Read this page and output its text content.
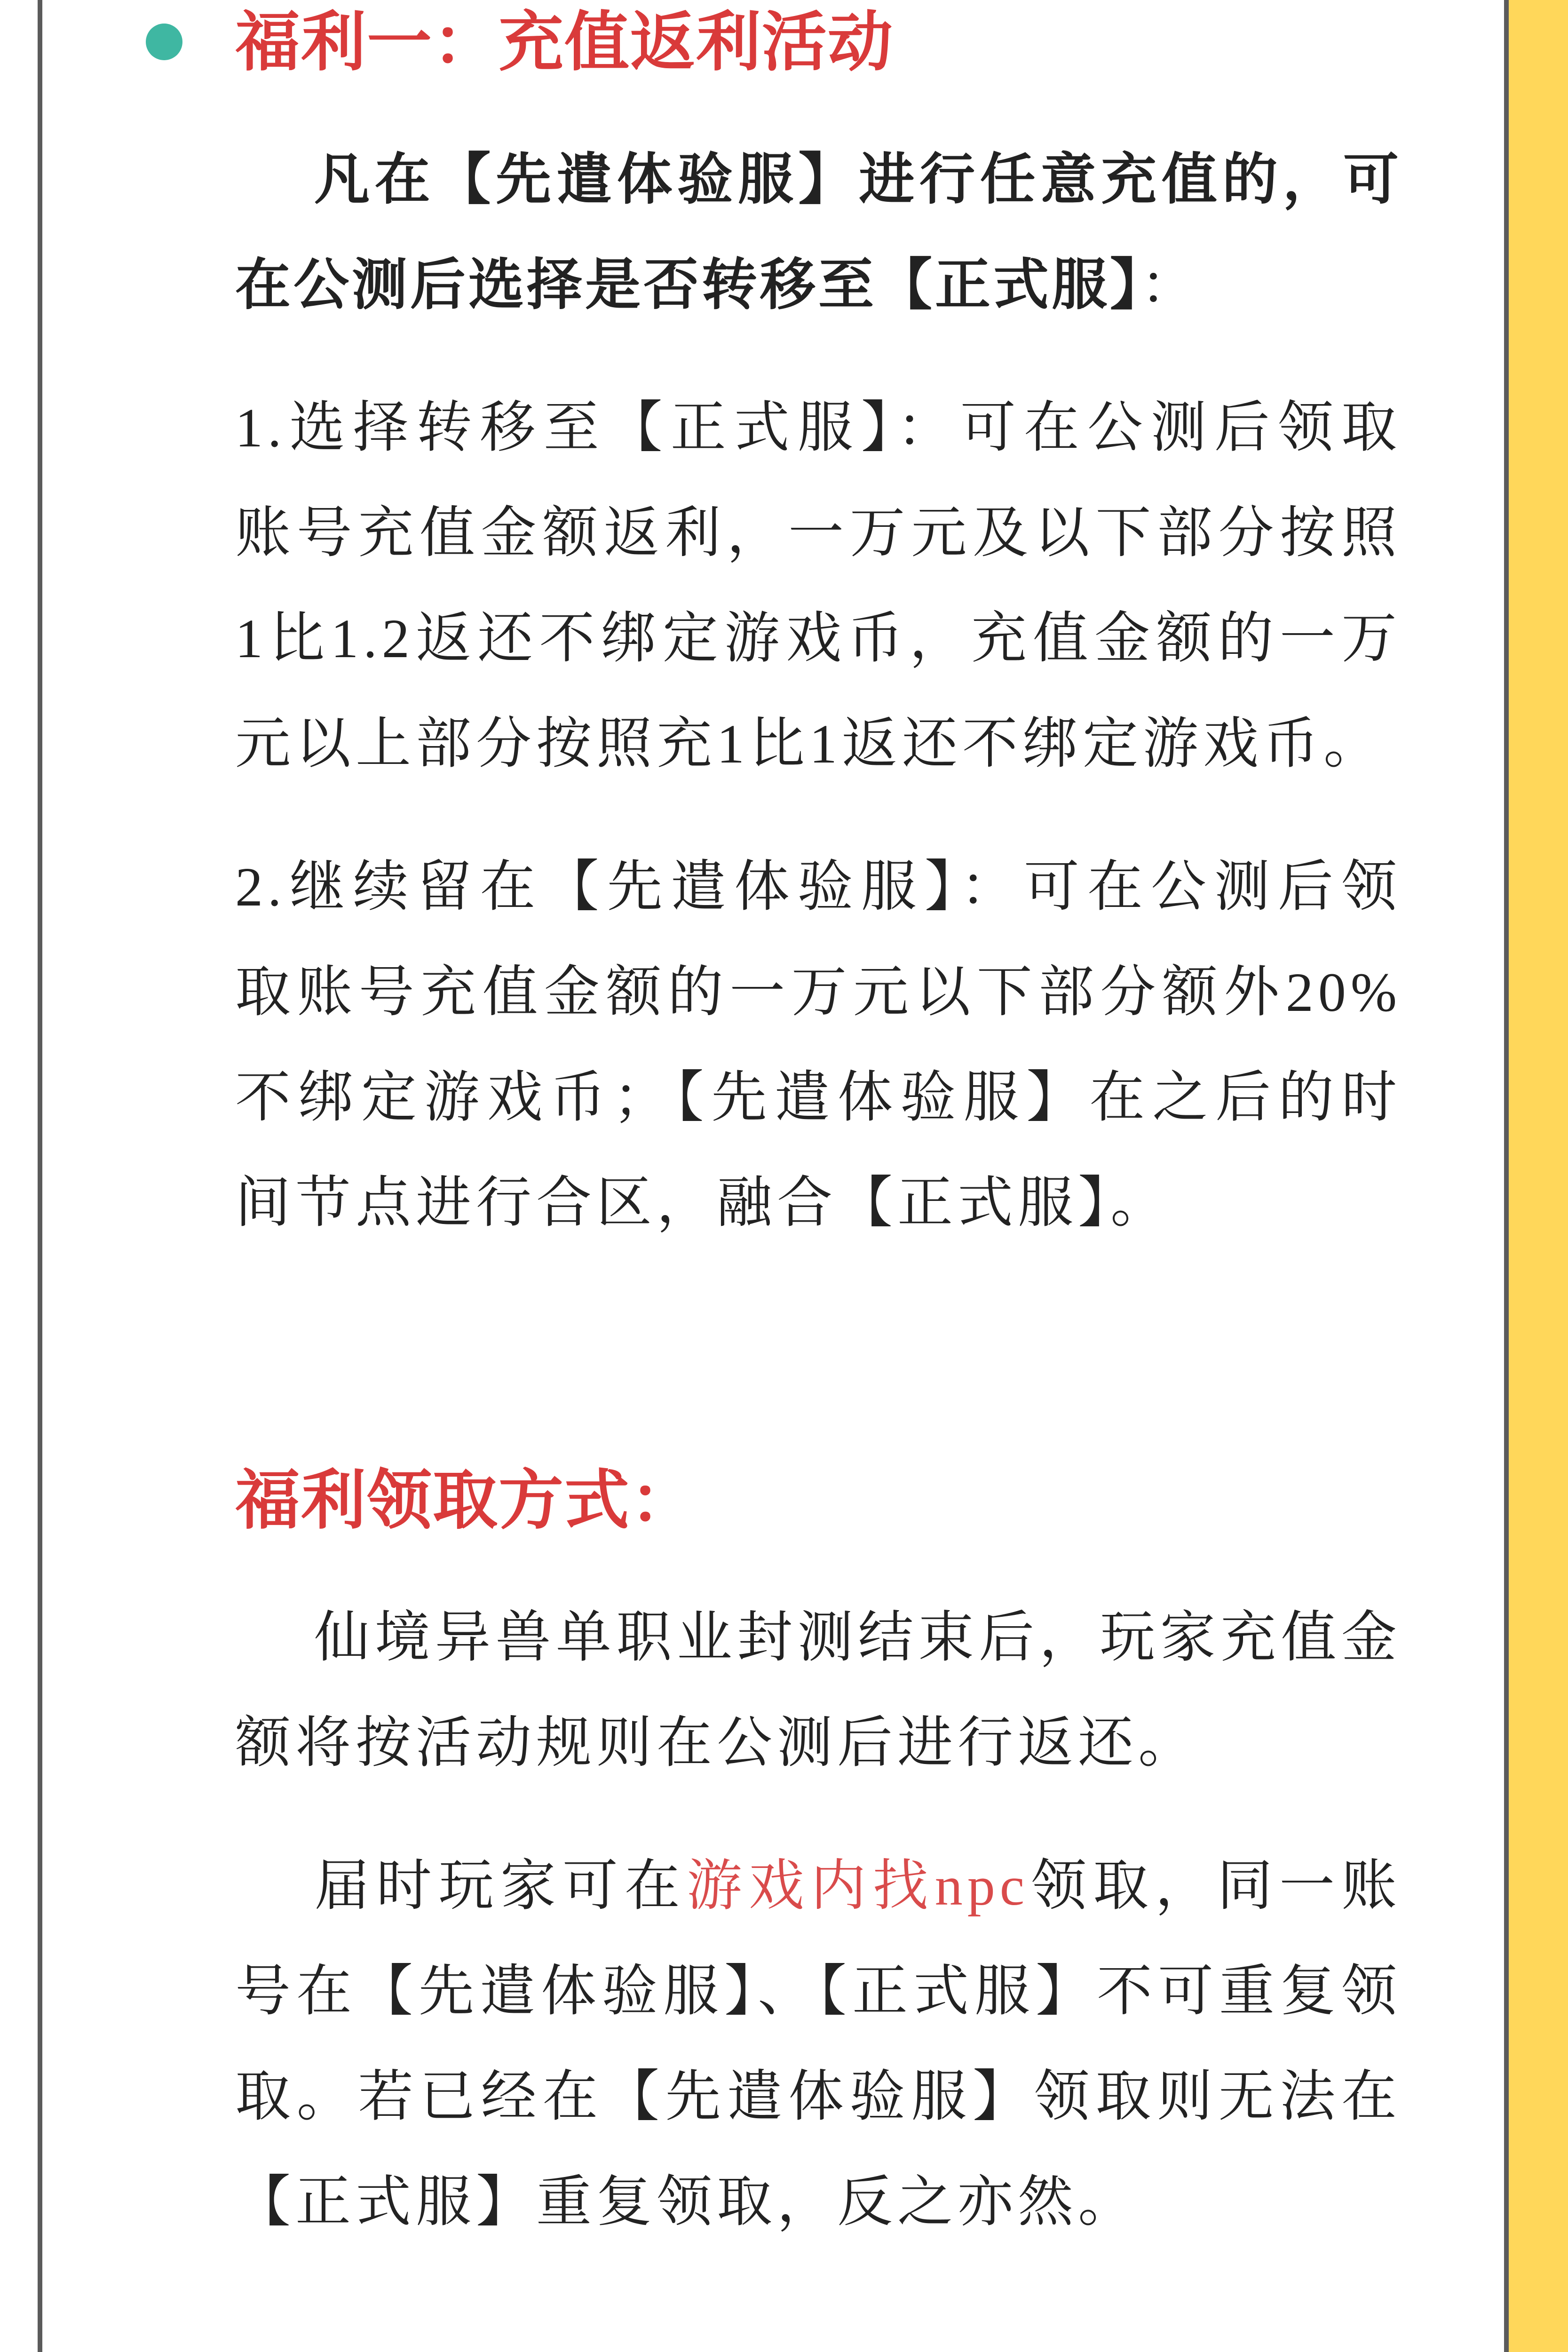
福利一：充值返利活动

凡在【先遣体验服】进行任意充值的，可在公测后选择是否转移至【正式服】：

1.选择转移至【正式服】：可在公测后领取账号充值金额返利，一万元及以下部分按照1比1.2返还不绑定游戏币，充值金额的一万元以上部分按照充1比1返还不绑定游戏币。

2.继续留在【先遣体验服】：可在公测后领取账号充值金额的一万元以下部分额外20%不绑定游戏币；【先遣体验服】在之后的时间节点进行合区，融合【正式服】。

福利领取方式：

仙境异兽单职业封测结束后，玩家充值金额将按活动规则在公测后进行返还。

届时玩家可在游戏内找npc领取，同一账号在【先遣体验服】、【正式服】不可重复领取。若已经在【先遣体验服】领取则无法在【正式服】重复领取，反之亦然。
